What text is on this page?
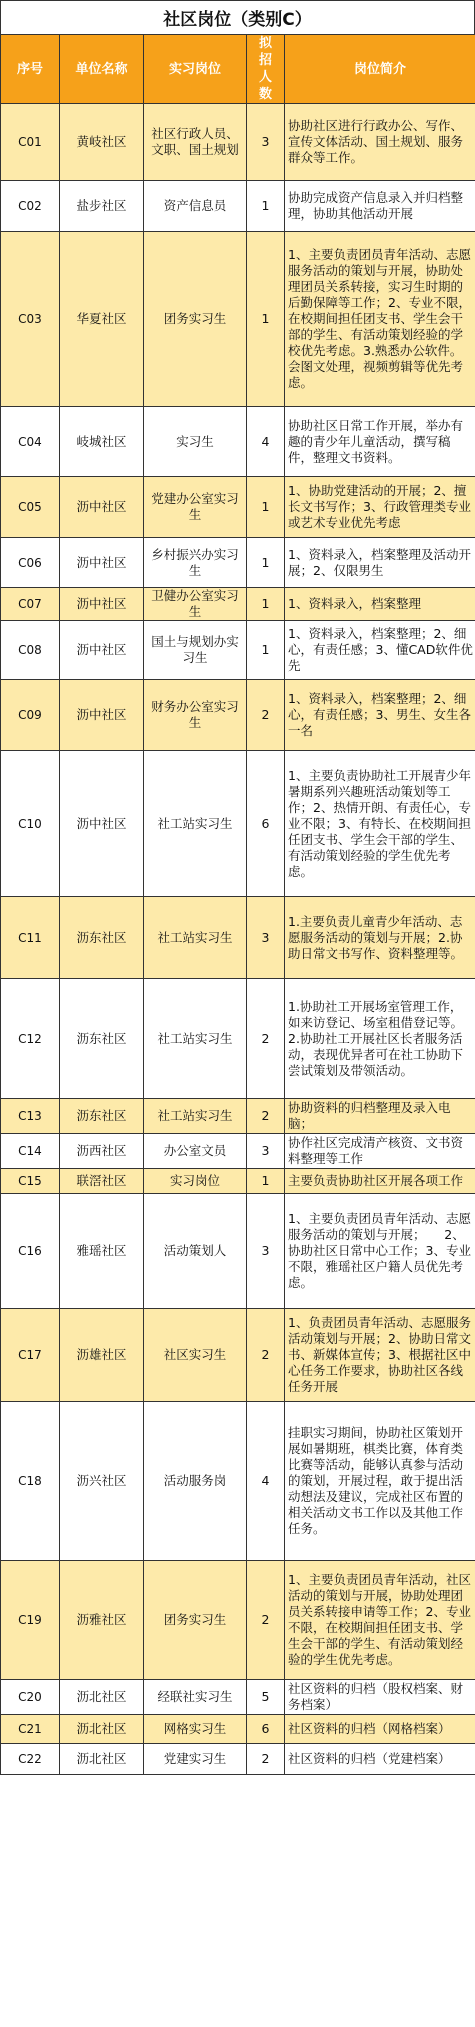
社区岗位（类别C）
序号	单位名称	实习岗位	拟招人数	岗位简介
C01	黄岐社区	社区行政人员、文职、国土规划	3	协助社区进行行政办公、写作、宣传文体活动、国土规划、服务群众等工作。
C02	盐步社区	资产信息员	1	协助完成资产信息录入并归档整理，协助其他活动开展
C03	华夏社区	团务实习生	1	1、主要负责团员青年活动、志愿服务活动的策划与开展，协助处理团员关系转接，实习生时期的后勤保障等工作；2、专业不限，在校期间担任团支书、学生会干部的学生、有活动策划经验的学校优先考虑。3.熟悉办公软件。会图文处理，视频剪辑等优先考虑。
C04	岐城社区	实习生	4	协助社区日常工作开展，举办有趣的青少年儿童活动，撰写稿件，整理文书资料。
C05	沥中社区	党建办公室实习生	1	1、协助党建活动的开展；2、擅长文书写作；3、行政管理类专业或艺术专业优先考虑
C06	沥中社区	乡村振兴办实习生	1	1、资料录入，档案整理及活动开展；2、仅限男生
C07	沥中社区	卫健办公室实习生	1	1、资料录入，档案整理
C08	沥中社区	国土与规划办实习生	1	1、资料录入，档案整理；2、细心，有责任感；3、懂CAD软件优先
C09	沥中社区	财务办公室实习生	2	1、资料录入，档案整理；2、细心，有责任感；3、男生、女生各一名
C10	沥中社区	社工站实习生	6	1、主要负责协助社工开展青少年暑期系列兴趣班活动策划等工作；2、热情开朗、有责任心，专业不限；3、有特长、在校期间担任团支书、学生会干部的学生、有活动策划经验的学生优先考虑。
C11	沥东社区	社工站实习生	3	1.主要负责儿童青少年活动、志愿服务活动的策划与开展；2.协助日常文书写作、资料整理等。
C12	沥东社区	社工站实习生	2	1.协助社工开展场室管理工作，如来访登记、场室租借登记等。2.协助社工开展社区长者服务活动，表现优异者可在社工协助下尝试策划及带领活动。
C13	沥东社区	社工站实习生	2	协助资料的归档整理及录入电脑；
C14	沥西社区	办公室文员	3	协作社区完成清产核资、文书资料整理等工作
C15	联滘社区	实习岗位	1	主要负责协助社区开展各项工作
C16	雅瑶社区	活动策划人	3	1、主要负责团员青年活动、志愿服务活动的策划与开展；　　2、协助社区日常中心工作；3、专业不限，雅瑶社区户籍人员优先考虑。
C17	沥雄社区	社区实习生	2	1、负责团员青年活动、志愿服务活动策划与开展；2、协助日常文书、新媒体宣传；3、根据社区中心任务工作要求，协助社区各线任务开展
C18	沥兴社区	活动服务岗	4	挂职实习期间，协助社区策划开展如暑期班，棋类比赛，体育类比赛等活动，能够认真参与活动的策划，开展过程，敢于提出活动想法及建议，完成社区布置的相关活动文书工作以及其他工作任务。
C19	沥雅社区	团务实习生	2	1、主要负责团员青年活动，社区活动的策划与开展，协助处理团员关系转接申请等工作；2、专业不限，在校期间担任团支书、学生会干部的学生、有活动策划经验的学生优先考虑。
C20	沥北社区	经联社实习生	5	社区资料的归档（股权档案、财务档案）
C21	沥北社区	网格实习生	6	社区资料的归档（网格档案）
C22	沥北社区	党建实习生	2	社区资料的归档（党建档案）
